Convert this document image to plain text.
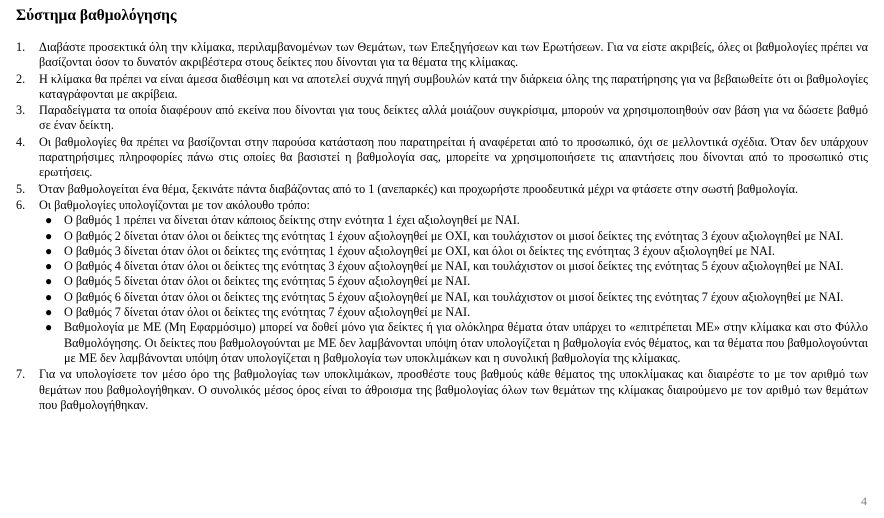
Σύστημα βαθμολόγησης
1. Διαβάστε προσεκτικά όλη την κλίμακα, περιλαμβανομένων των Θεμάτων, των Επεξηγήσεων και των Ερωτήσεων. Για να είστε ακριβείς, όλες οι βαθμολογίες πρέπει να βασίζονται όσον το δυνατόν ακριβέστερα στους δείκτες που δίνονται για τα θέματα της κλίμακας.
2. Η κλίμακα θα πρέπει να είναι άμεσα διαθέσιμη και να αποτελεί συχνά πηγή συμβουλών κατά την διάρκεια όλης της παρατήρησης για να βεβαιωθείτε ότι οι βαθμολογίες καταγράφονται με ακρίβεια.
3. Παραδείγματα τα οποία διαφέρουν από εκείνα που δίνονται για τους δείκτες αλλά μοιάζουν συγκρίσιμα, μπορούν να χρησιμοποιηθούν σαν βάση για να δώσετε βαθμό σε έναν δείκτη.
4. Οι βαθμολογίες θα πρέπει να βασίζονται στην παρούσα κατάσταση που παρατηρείται ή αναφέρεται από το προσωπικό, όχι σε μελλοντικά σχέδια. Όταν δεν υπάρχουν παρατηρήσιμες πληροφορίες πάνω στις οποίες θα βασιστεί η βαθμολογία σας, μπορείτε να χρησιμοποιήσετε τις απαντήσεις που δίνονται από το προσωπικό στις ερωτήσεις.
5. Όταν βαθμολογείται ένα θέμα, ξεκινάτε πάντα διαβάζοντας από το 1 (ανεπαρκές) και προχωρήστε προοδευτικά μέχρι να φτάσετε στην σωστή βαθμολογία.
6. Οι βαθμολογίες υπολογίζονται με τον ακόλουθο τρόπο:
● Ο βαθμός 1 πρέπει να δίνεται όταν κάποιος δείκτης στην ενότητα 1 έχει αξιολογηθεί με ΝΑΙ.
● Ο βαθμός 2 δίνεται όταν όλοι οι δείκτες της ενότητας 1 έχουν αξιολογηθεί με ΟΧΙ, και τουλάχιστον οι μισοί δείκτες της ενότητας 3 έχουν αξιολογηθεί με ΝΑΙ.
● Ο βαθμός 3 δίνεται όταν όλοι οι δείκτες της ενότητας 1 έχουν αξιολογηθεί με ΟΧΙ, και όλοι οι δείκτες της ενότητας 3 έχουν αξιολογηθεί με ΝΑΙ.
● Ο βαθμός 4 δίνεται όταν όλοι οι δείκτες της ενότητας 3 έχουν αξιολογηθεί με ΝΑΙ, και τουλάχιστον οι μισοί δείκτες της ενότητας 5 έχουν αξιολογηθεί με ΝΑΙ.
● Ο βαθμός 5 δίνεται όταν όλοι οι δείκτες της ενότητας 5 έχουν αξιολογηθεί με ΝΑΙ.
● Ο βαθμός 6 δίνεται όταν όλοι οι δείκτες της ενότητας 5 έχουν αξιολογηθεί με ΝΑΙ, και τουλάχιστον οι μισοί δείκτες της ενότητας 7 έχουν αξιολογηθεί με ΝΑΙ.
● Ο βαθμός 7 δίνεται όταν όλοι οι δείκτες της ενότητας 7 έχουν αξιολογηθεί με ΝΑΙ.
● Βαθμολογία με ΜΕ (Μη Εφαρμόσιμο) μπορεί να δοθεί μόνο για δείκτες ή για ολόκληρα θέματα όταν υπάρχει το «επιτρέπεται ΜΕ» στην κλίμακα και στο Φύλλο Βαθμολόγησης. Οι δείκτες που βαθμολογούνται με ΜΕ δεν λαμβάνονται υπόψη όταν υπολογίζεται η βαθμολογία ενός θέματος, και τα θέματα που βαθμολογούνται με ΜΕ δεν λαμβάνονται υπόψη όταν υπολογίζεται η βαθμολογία των υποκλιμάκων και η συνολική βαθμολογία της κλίμακας.
7. Για να υπολογίσετε τον μέσο όρο της βαθμολογίας των υποκλιμάκων, προσθέστε τους βαθμούς κάθε θέματος της υποκλίμακας και διαιρέστε το με τον αριθμό των θεμάτων που βαθμολογήθηκαν. Ο συνολικός μέσος όρος είναι το άθροισμα της βαθμολογίας όλων των θεμάτων της κλίμακας διαιρούμενο με τον αριθμό των θεμάτων που βαθμολογήθηκαν.
4
